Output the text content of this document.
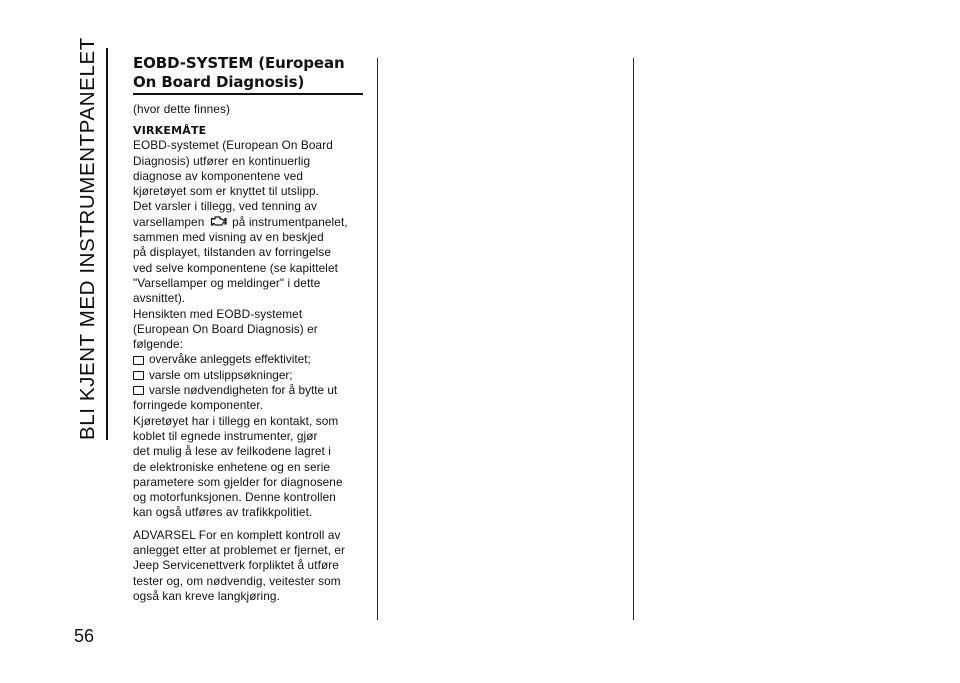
BLI KJENT MED INSTRUMENTPANELET
56
EOBD-SYSTEM (European
On Board Diagnosis)

(hvor dette finnes)

VIRKEMÅTE

EOBD-systemet (European On Board

Diagnosis) utfører en kontinuerlig

diagnose av komponentene ved

kjøretøyet som er knyttet til utslipp.

Det varsler i tillegg, ved tenning av

varsellampen på instrumentpanelet,

sammen med visning av en beskjed

på displayet, tilstanden av forringelse

ved selve komponentene (se kapittelet

"Varsellamper og meldinger" i dette

avsnittet).

Hensikten med EOBD-systemet

(European On Board Diagnosis) er

følgende:

overvåke anleggets effektivitet;

varsle om utslippsøkninger;

varsle nødvendigheten for å bytte ut

forringede komponenter.

Kjøretøyet har i tillegg en kontakt, som

koblet til egnede instrumenter, gjør

det mulig å lese av feilkodene lagret i

de elektroniske enhetene og en serie

parametere som gjelder for diagnosene

og motorfunksjonen. Denne kontrollen

kan også utføres av trafikkpolitiet.

ADVARSEL For en komplett kontroll av

anlegget etter at problemet er fjernet, er

Jeep Servicenettverk forpliktet å utføre

tester og, om nødvendig, veitester som

også kan kreve langkjøring.
